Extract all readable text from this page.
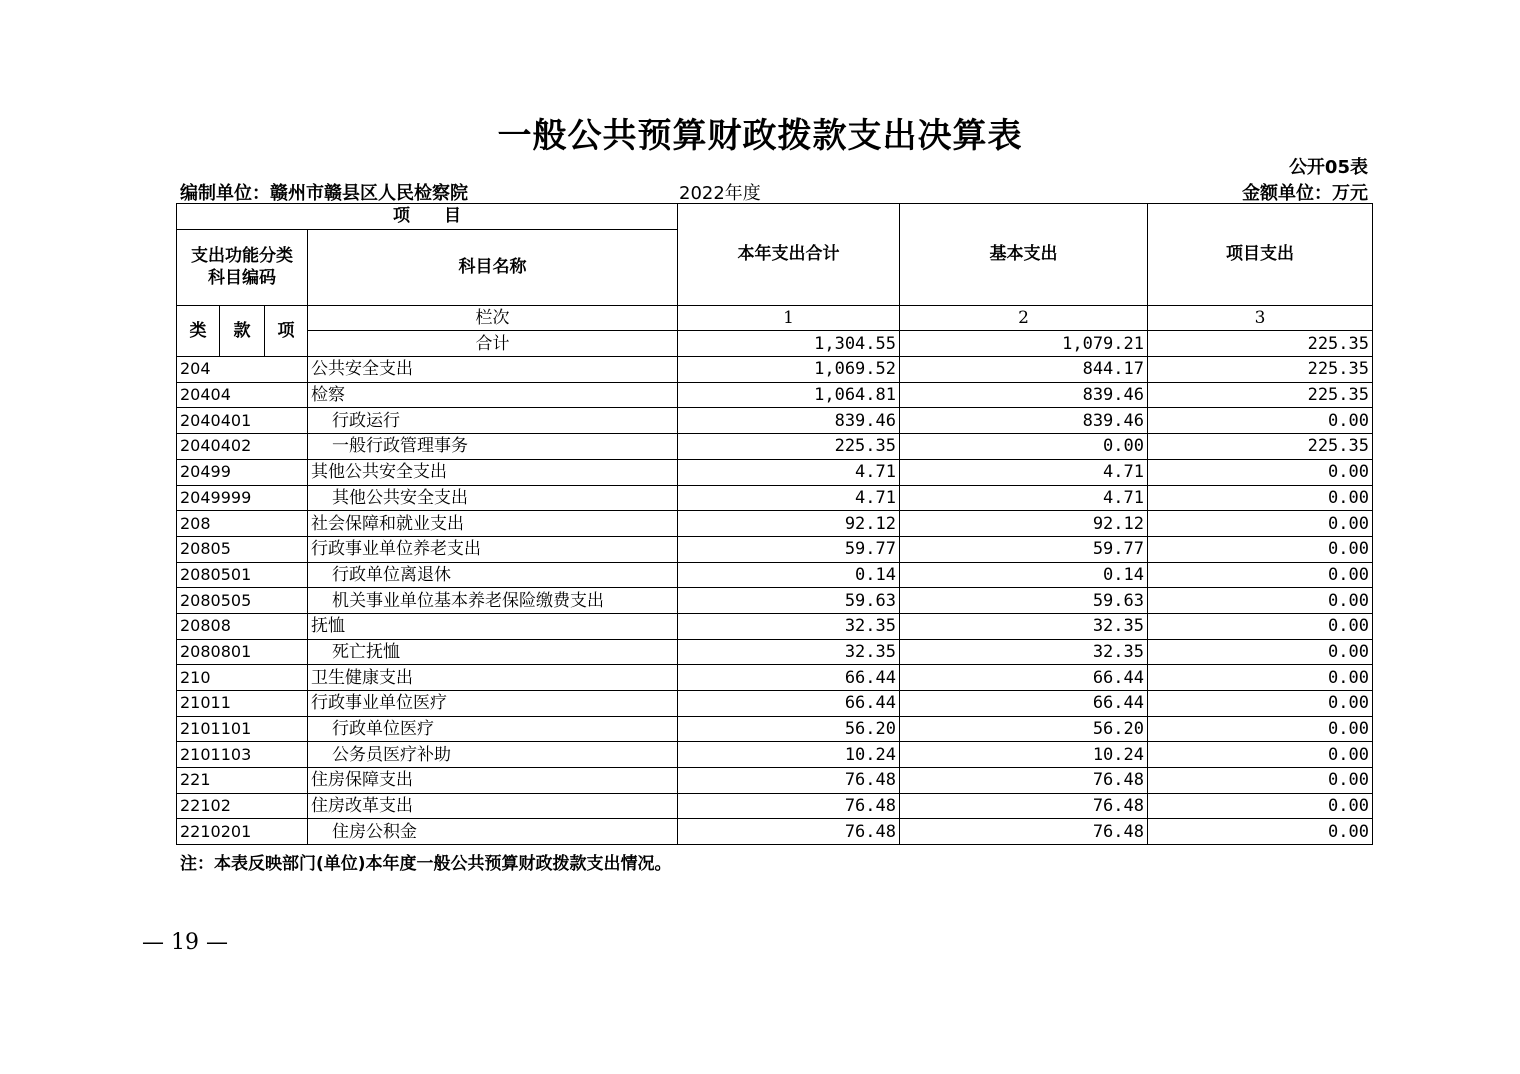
一般公共预算财政拨款支出决算表
公开05表
编制单位：赣州市赣县区人民检察院	2022年度	金额单位：万元
项　　目				本年支出合计	基本支出	项目支出
支出功能分类科目编码			科目名称			

类	款	项	栏次	1	2	3
			合计	1,304.55	1,079.21	225.35
204			公共安全支出	1,069.52	844.17	225.35
20404			检察	1,064.81	839.46	225.35
2040401			行政运行	839.46	839.46	0.00
2040402			一般行政管理事务	225.35	0.00	225.35
20499			其他公共安全支出	4.71	4.71	0.00
2049999			其他公共安全支出	4.71	4.71	0.00
208			社会保障和就业支出	92.12	92.12	0.00
20805			行政事业单位养老支出	59.77	59.77	0.00
2080501			行政单位离退休	0.14	0.14	0.00
2080505			机关事业单位基本养老保险缴费支出	59.63	59.63	0.00
20808			抚恤	32.35	32.35	0.00
2080801			死亡抚恤	32.35	32.35	0.00
210			卫生健康支出	66.44	66.44	0.00
21011			行政事业单位医疗	66.44	66.44	0.00
2101101			行政单位医疗	56.20	56.20	0.00
2101103			公务员医疗补助	10.24	10.24	0.00
221			住房保障支出	76.48	76.48	0.00
22102			住房改革支出	76.48	76.48	0.00
2210201			住房公积金	76.48	76.48	0.00
注：本表反映部门(单位)本年度一般公共预算财政拨款支出情况。
— 19 —
